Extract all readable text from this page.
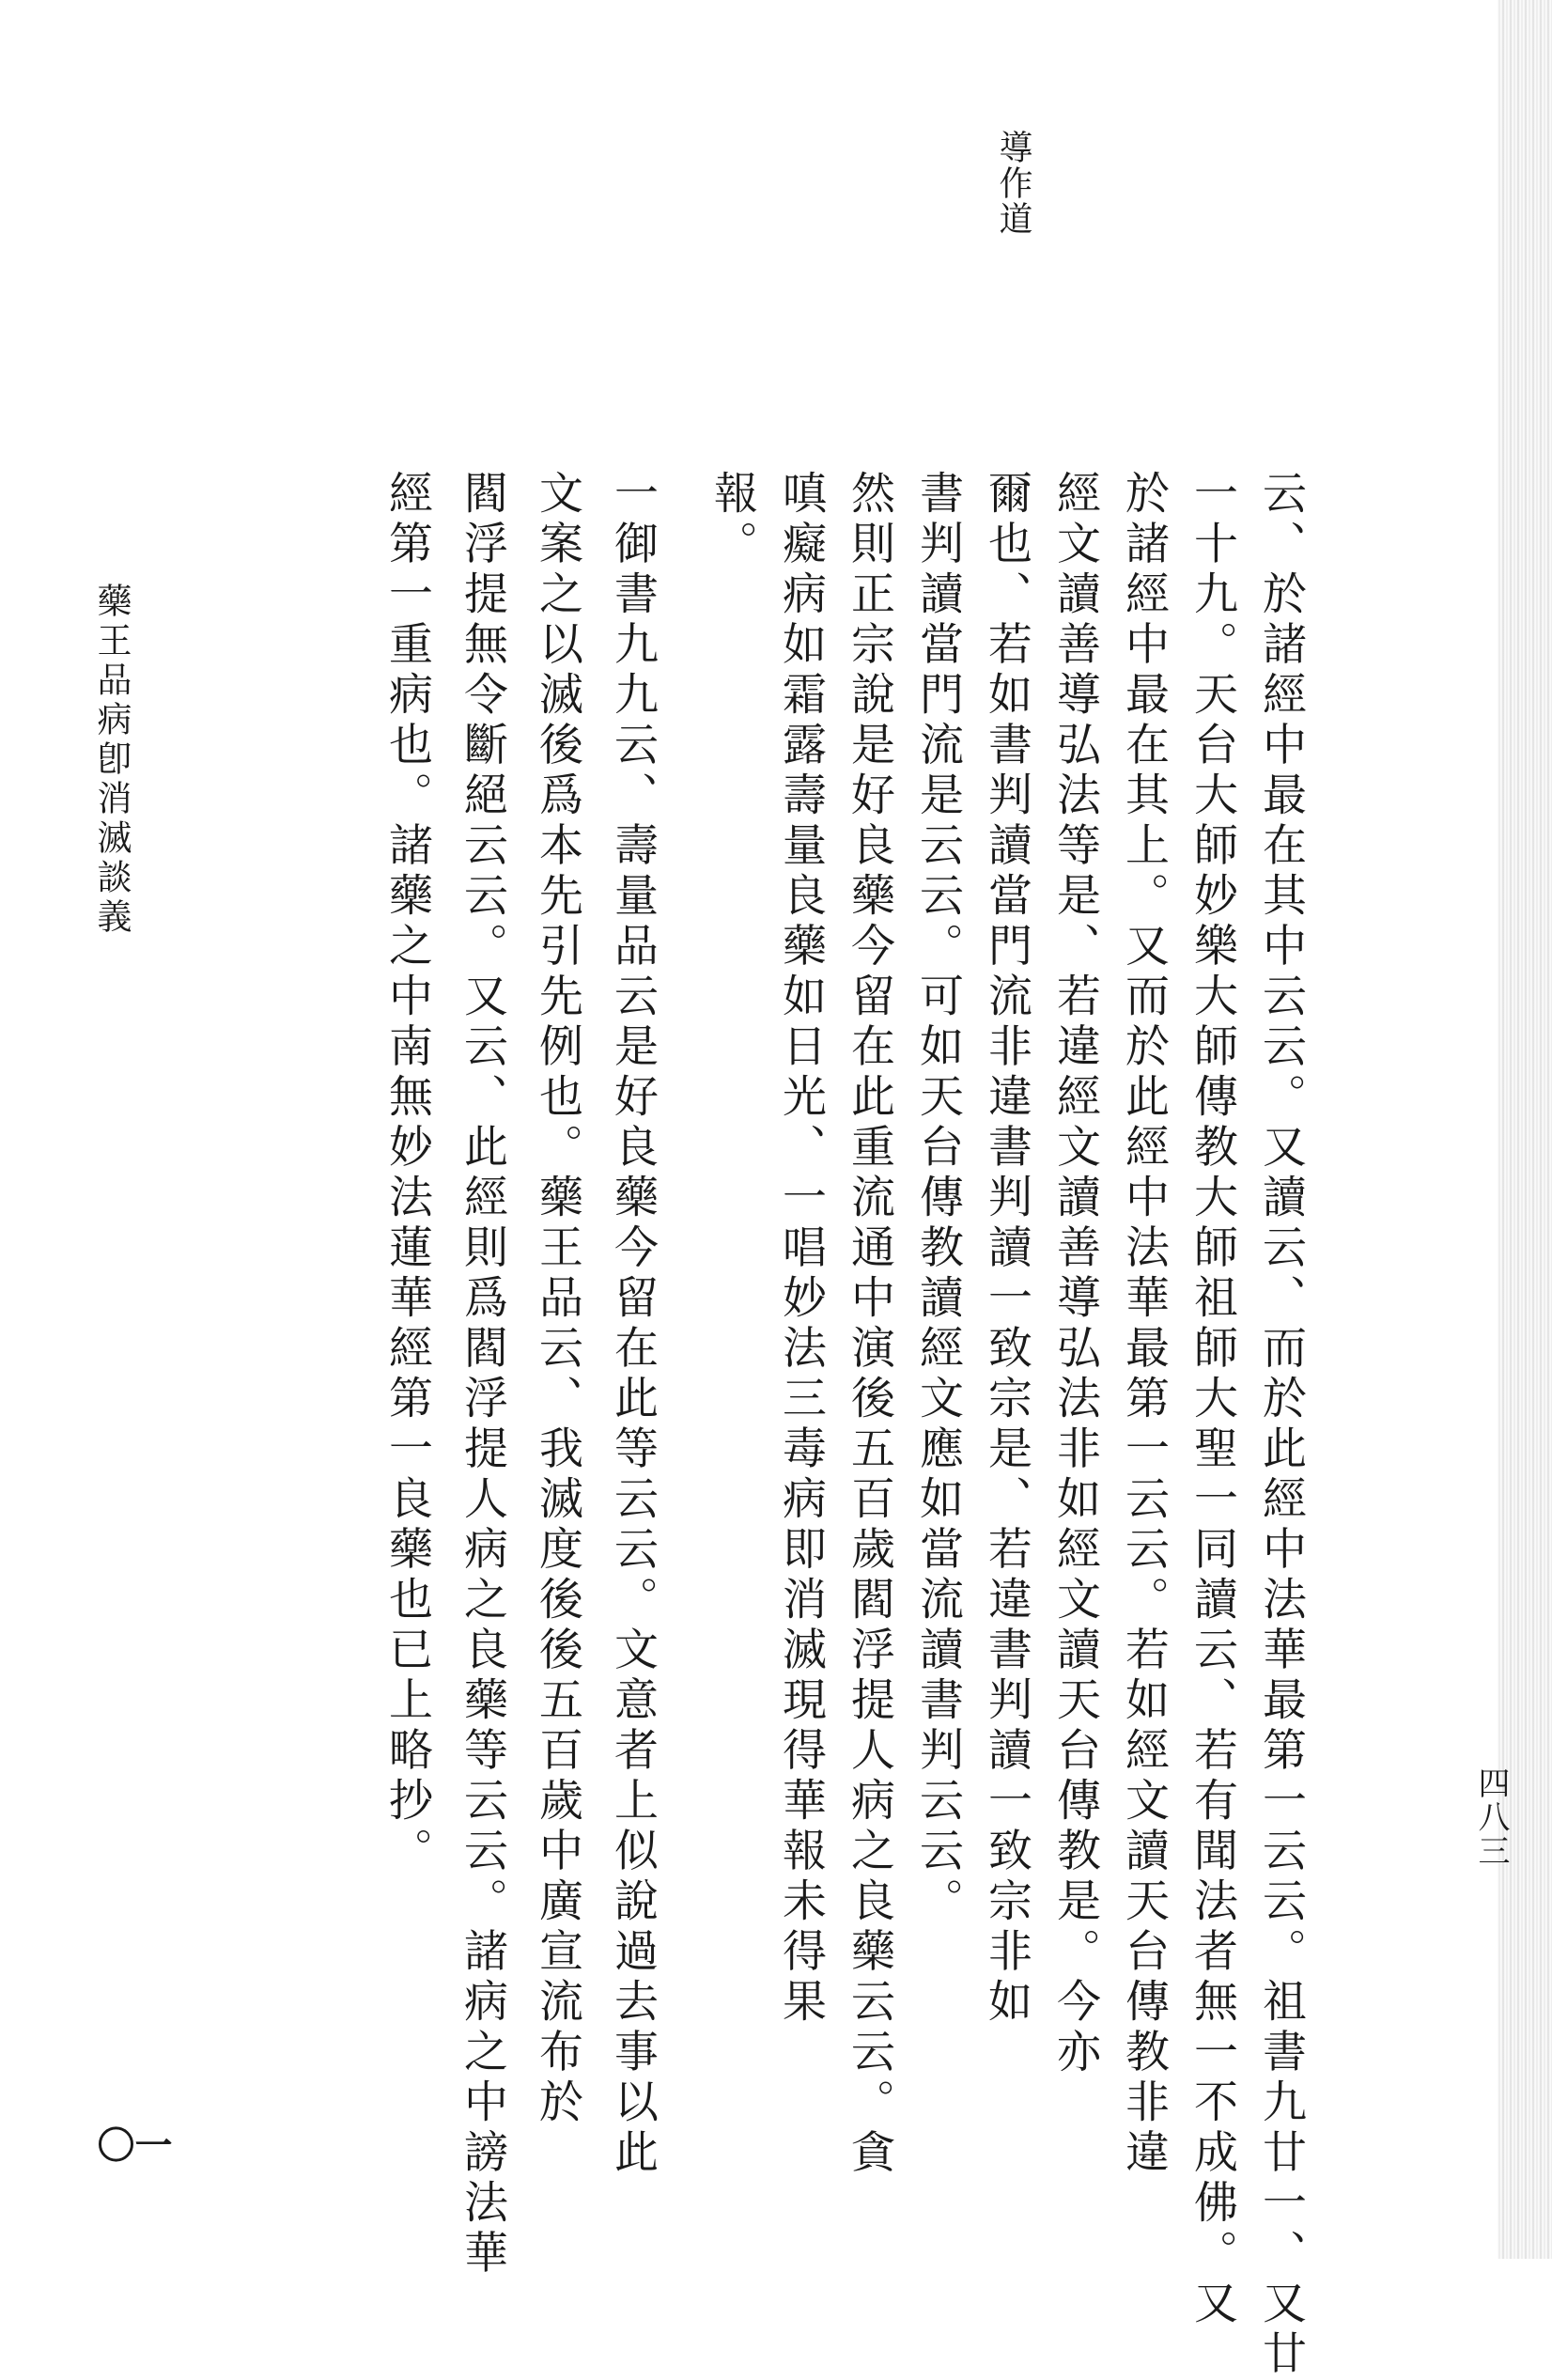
導作道
云、於諸經中最在其中云云。又讀云、而於此經中法華最第一云云。祖書九廿一、又廿
一十九。天台大師妙樂大師傳教大師祖師大聖一同讀云、若有聞法者無一不成佛。又
於諸經中最在其上。又而於此經中法華最第一云云。若如經文讀天台傳教非違
經文讀善導弘法等是、若違經文讀善導弘法非如經文讀天台傳教是。今亦
爾也、若如書判讀當門流非違書判讀一致宗是、若違書判讀一致宗非如
書判讀當門流是云云。可如天台傳教讀經文應如當流讀書判云云。
然則正宗說是好良藥今留在此重流通中演後五百歲閻浮提人病之良藥云云。貪
嗔癡病如霜露壽量良藥如日光、一唱妙法三毒病即消滅現得華報未得果
報。
一御書九九云、壽量品云是好良藥今留在此等云云。文意者上似說過去事以此
文案之以滅後爲本先引先例也。藥王品云、我滅度後後五百歲中廣宣流布於
閻浮提無令斷絕云云。又云、此經則爲閻浮提人病之良藥等云云。諸病之中謗法華
經第一重病也。諸藥之中南無妙法蓮華經第一良藥也已上略抄。
一〇
藥王品病卽消滅談義
四八三
